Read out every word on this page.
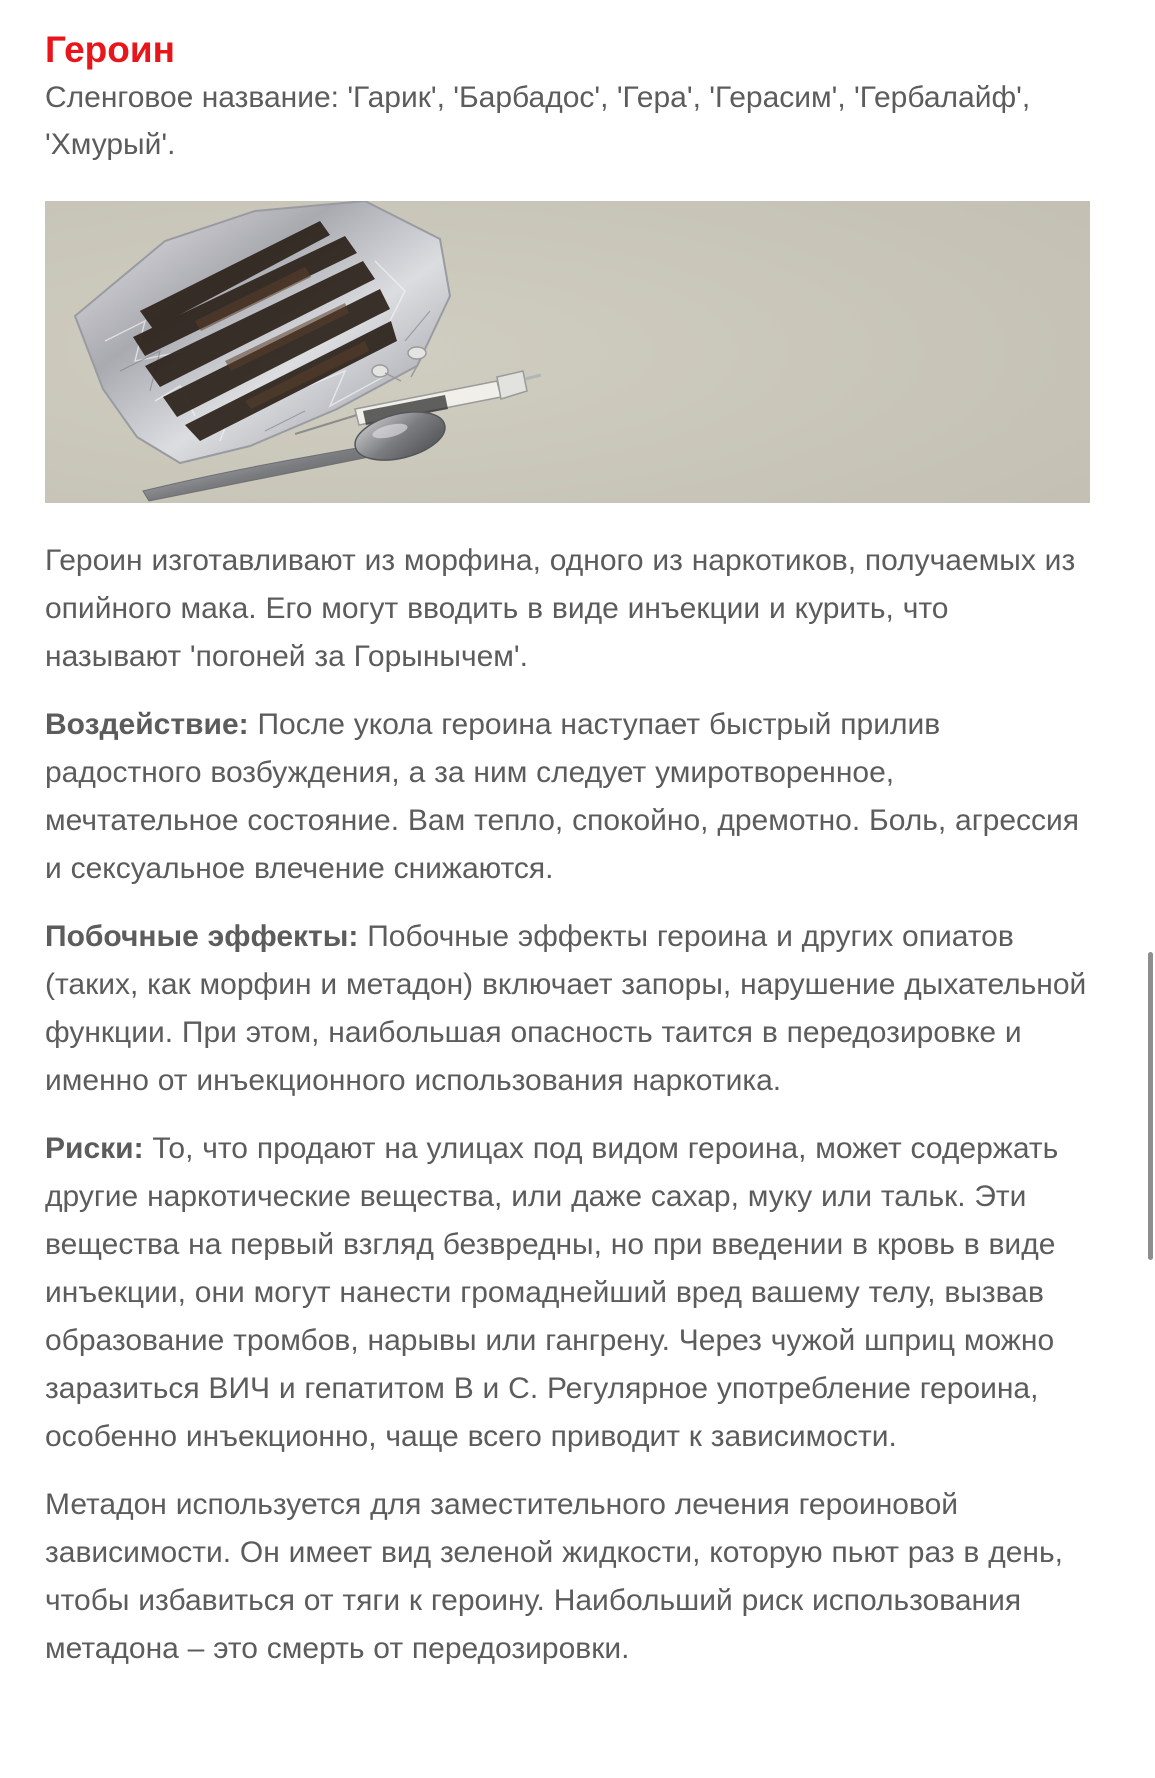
Героин

Сленговое название: 'Гарик', 'Барбадос', 'Гера', 'Герасим', 'Гербалайф', 'Хмурый'.

Героин изготавливают из морфина, одного из наркотиков, получаемых из опийного мака. Его могут вводить в виде инъекции и курить, что называют 'погоней за Горынычем'.

Воздействие: После укола героина наступает быстрый прилив радостного возбуждения, а за ним следует умиротворенное, мечтательное состояние. Вам тепло, спокойно, дремотно. Боль, агрессия и сексуальное влечение снижаются.

Побочные эффекты: Побочные эффекты героина и других опиатов (таких, как морфин и метадон) включает запоры, нарушение дыхательной функции. При этом, наибольшая опасность таится в передозировке и именно от инъекционного использования наркотика.

Риски: То, что продают на улицах под видом героина, может содержать другие наркотические вещества, или даже сахар, муку или тальк. Эти вещества на первый взгляд безвредны, но при введении в кровь в виде инъекции, они могут нанести громаднейший вред вашему телу, вызвав образование тромбов, нарывы или гангрену. Через чужой шприц можно заразиться ВИЧ и гепатитом В и С. Регулярное употребление героина, особенно инъекционно, чаще всего приводит к зависимости.

Метадон используется для заместительного лечения героиновой зависимости. Он имеет вид зеленой жидкости, которую пьют раз в день, чтобы избавиться от тяги к героину. Наибольший риск использования метадона – это смерть от передозировки.
